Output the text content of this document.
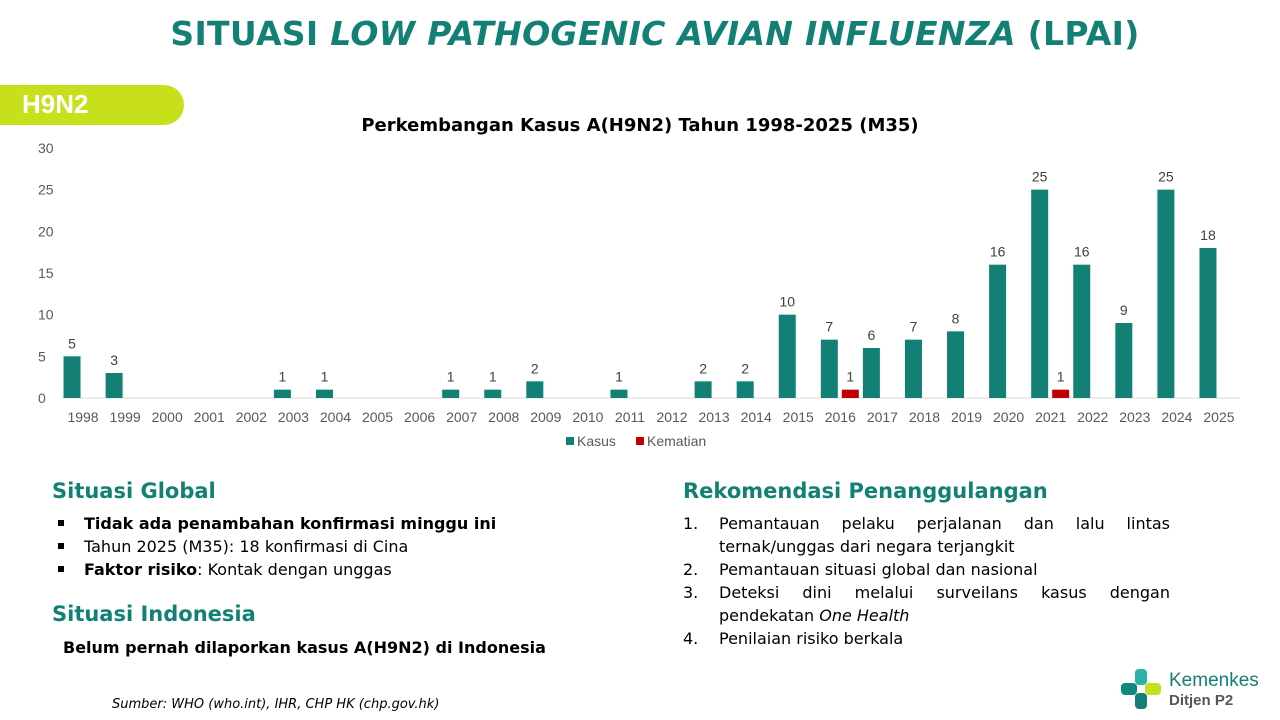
SITUASI LOW PATHOGENIC AVIAN INFLUENZA (LPAI)
H9N2
Perkembangan Kasus A(H9N2) Tahun 1998-2025 (M35)
0
5
10
15
20
25
30
1998
5
1999
3
2000 2001 2002 2003
1
2004
1
2005 2006 2007
1
2008
1
2009
2
2010 2011
1
2012 2013
2
2014
2
2015
10
2016
7
1
2017
6
2018
7
2019
8
2020
16
2021
25
1
2022
16
2023
9
2024
25
2025
18
Kasus Kematian
Situasi Global
Tidak ada penambahan konfirmasi minggu ini
Tahun 2025 (M35): 18 konfirmasi di Cina
Faktor risiko: Kontak dengan unggas
Situasi Indonesia
Belum pernah dilaporkan kasus A(H9N2) di Indonesia
Rekomendasi Penanggulangan
1. Pemantauan pelaku perjalanan dan lalu lintas ternak/unggas dari negara terjangkit
2. Pemantauan situasi global dan nasional
3. Deteksi dini melalui surveilans kasus dengan pendekatan One Health
4. Penilaian risiko berkala
Sumber: WHO (who.int), IHR, CHP HK (chp.gov.hk)
Kemenkes
Ditjen P2
